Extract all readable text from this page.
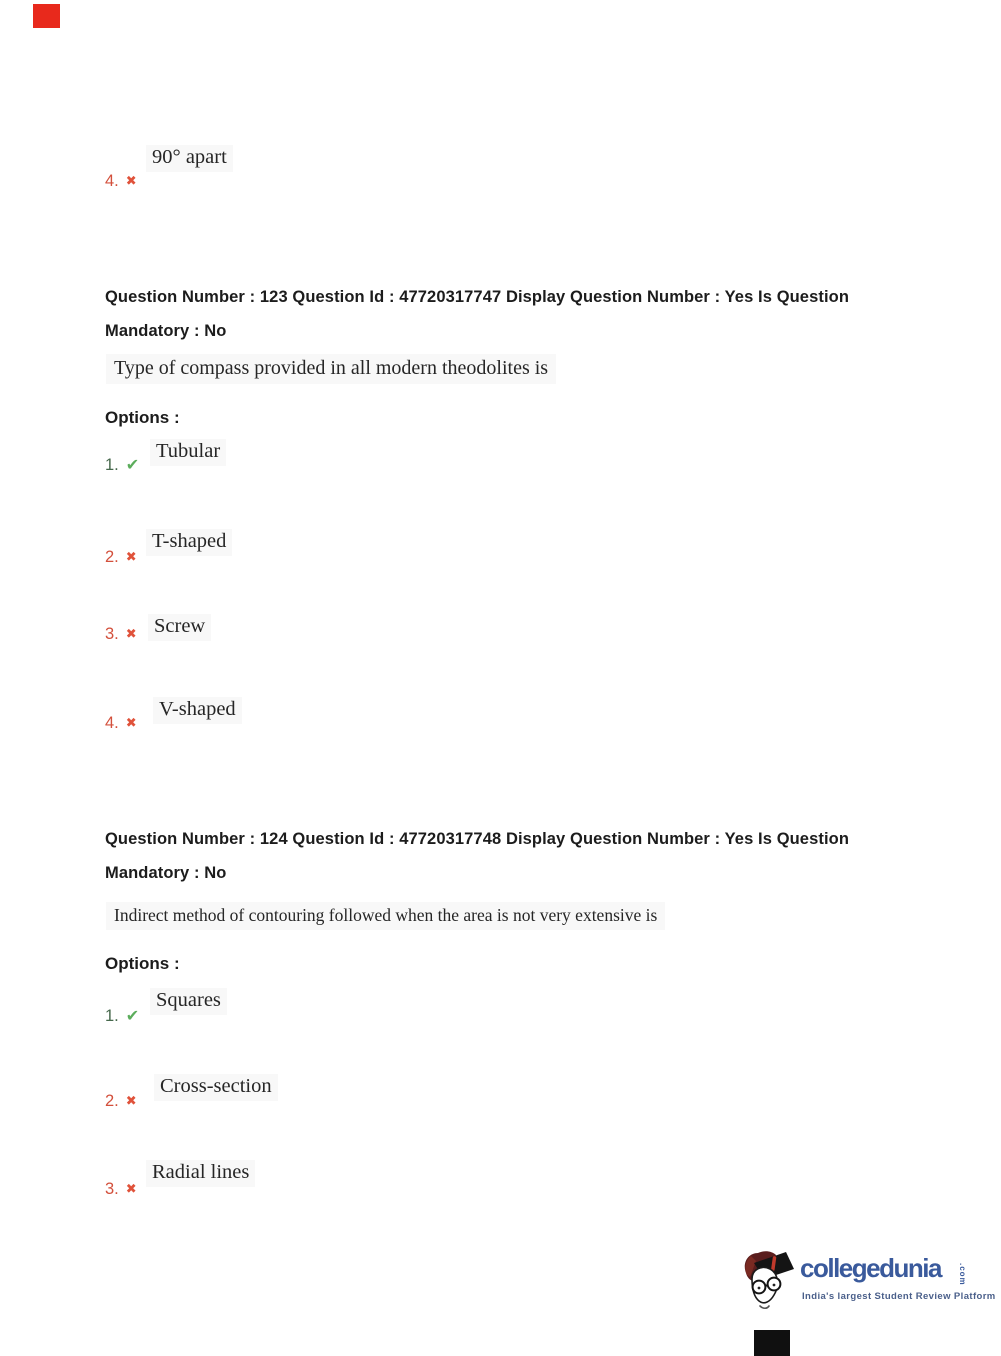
90° apart
4. ✖
Question Number : 123 Question Id : 47720317747 Display Question Number : Yes Is Question
Mandatory : No
Type of compass provided in all modern theodolites is
Options :
Tubular
1. ✔
T-shaped
2. ✖
Screw
3. ✖
V-shaped
4. ✖
Question Number : 124 Question Id : 47720317748 Display Question Number : Yes Is Question
Mandatory : No
Indirect method of contouring followed when the area is not very extensive is
Options :
Squares
1. ✔
Cross-section
2. ✖
Radial lines
3. ✖
collegedunia .com
India's largest Student Review Platform
